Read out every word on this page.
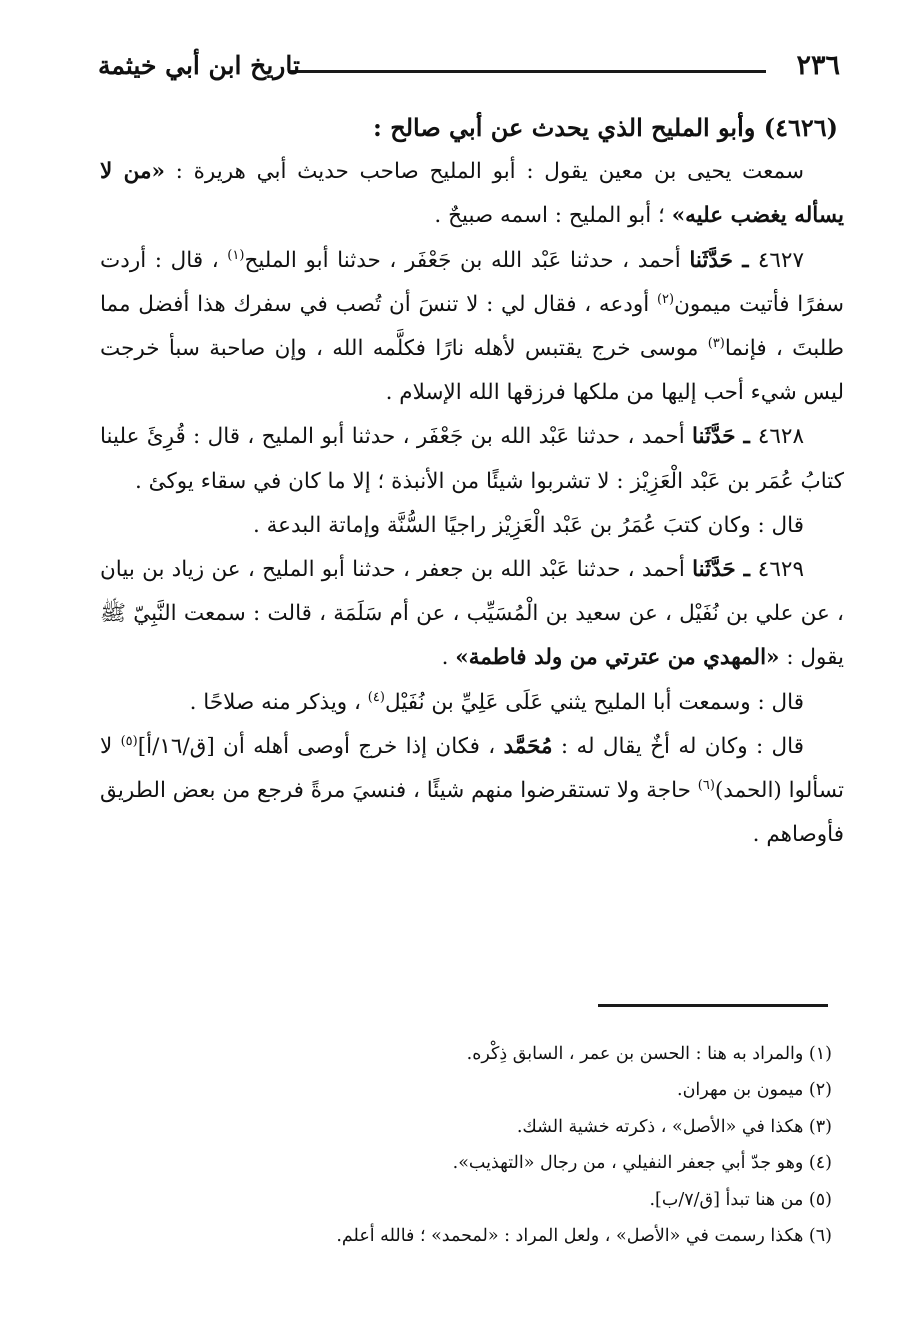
٢٣٦
تاريخ ابن أبي خيثمة

(٤٦٢٦) وأبو المليح الذي يحدث عن أبي صالح :

سمعت يحيى بن معين يقول : أبو المليح صاحب حديث أبي هريرة : «من لا يسأله يغضب عليه» ؛ أبو المليح : اسمه صبيحٌ .

٤٦٢٧ ـ حَدَّثَنا أحمد ، حدثنا عَبْد الله بن جَعْفَر ، حدثنا أبو المليح$^{(١)}$ ، قال : أردت سفرًا فأتيت ميمون$^{(٢)}$ أودعه ، فقال لي : لا تنسَ أن تُصب في سفرك هذا أفضل مما طلبتَ ، فإنما$^{(٣)}$ موسى خرج يقتبس لأهله نارًا فكلَّمه الله ، وإن صاحبة سبأ خرجت ليس شيء أحب إليها من ملكها فرزقها الله الإسلام .

٤٦٢٨ ـ حَدَّثَنا أحمد ، حدثنا عَبْد الله بن جَعْفَر ، حدثنا أبو المليح ، قال : قُرِئَ علينا كتابُ عُمَر بن عَبْد الْعَزِيْز : لا تشربوا شيئًا من الأنبذة ؛ إلا ما كان في سقاء يوكئ .

قال : وكان كتبَ عُمَرُ بن عَبْد الْعَزِيْز راجيًا السُّنَّة وإماتة البدعة .

٤٦٢٩ ـ حَدَّثَنا أحمد ، حدثنا عَبْد الله بن جعفر ، حدثنا أبو المليح ، عن زياد بن بيان ، عن علي بن نُفَيْل ، عن سعيد بن الْمُسَيِّب ، عن أم سَلَمَة ، قالت : سمعت النَّبِيّ ﷺ يقول : «المهدي من عترتي من ولد فاطمة» .

قال : وسمعت أبا المليح يثني عَلَى عَلِيِّ بن نُفَيْل$^{(٤)}$ ، ويذكر منه صلاحًا .

قال : وكان له أخٌ يقال له : مُحَمَّد ، فكان إذا خرج أوصى أهله أن [ق/١٦/أ]$^{(٥)}$ لا تسألوا (الحمد)$^{(٦)}$ حاجة ولا تستقرضوا منهم شيئًا ، فنسيَ مرةً فرجع من بعض الطريق فأوصاهم .

(١) والمراد به هنا : الحسن بن عمر ، السابق ذِكْره.

(٢) ميمون بن مهران.

(٣) هكذا في «الأصل» ، ذكرته خشية الشك.

(٤) وهو جدّ أبي جعفر النفيلي ، من رجال «التهذيب».

(٥) من هنا تبدأ [ق/٧/ب].

(٦) هكذا رسمت في «الأصل» ، ولعل المراد : «لمحمد» ؛ فالله أعلم.
